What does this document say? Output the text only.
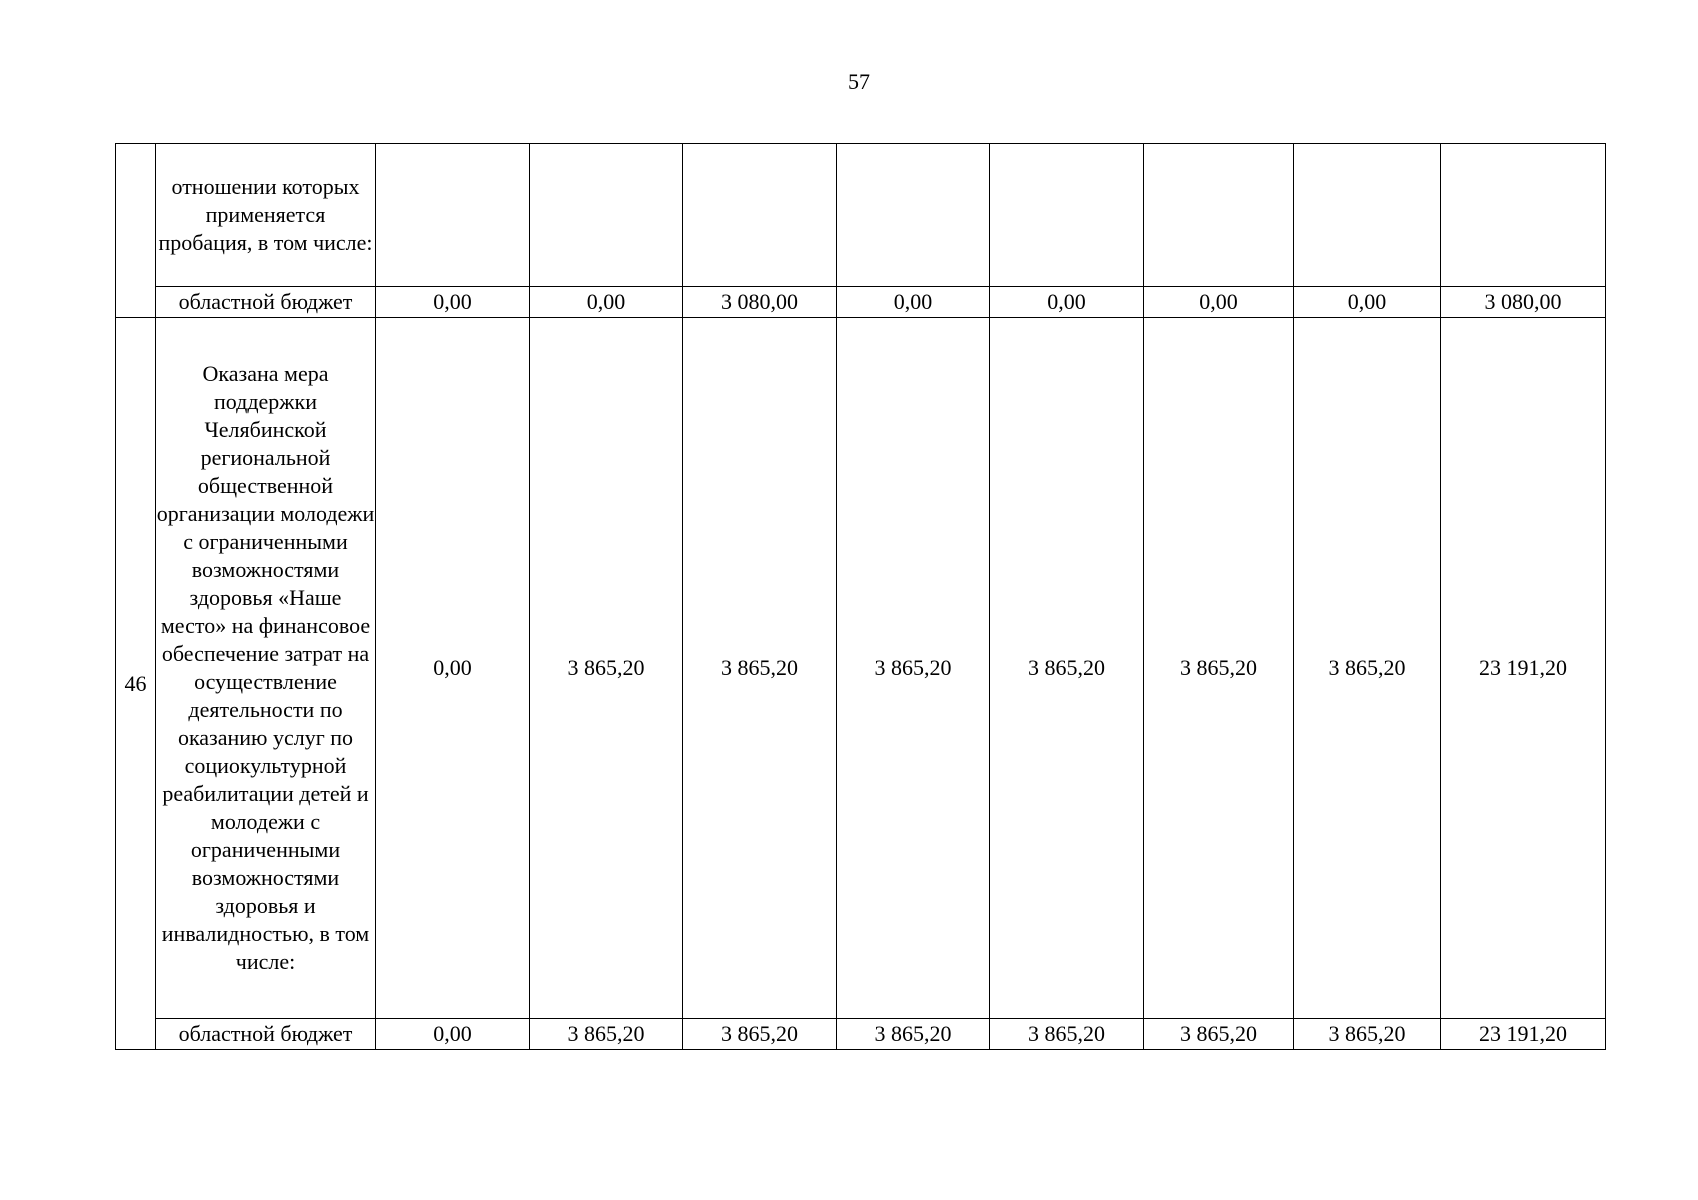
57
	отношении которых применяется пробация, в том числе:								
	областной бюджет	0,00	0,00	3 080,00	0,00	0,00	0,00	0,00	3 080,00
46	Оказана мера поддержки Челябинской региональной общественной организации молодежи с ограниченными возможностями здоровья «Наше место» на финансовое обеспечение затрат на осуществление деятельности по оказанию услуг по социокультурной реабилитации детей и молодежи с ограниченными возможностями здоровья и инвалидностью, в том числе:	0,00	3 865,20	3 865,20	3 865,20	3 865,20	3 865,20	3 865,20	23 191,20
	областной бюджет	0,00	3 865,20	3 865,20	3 865,20	3 865,20	3 865,20	3 865,20	23 191,20
